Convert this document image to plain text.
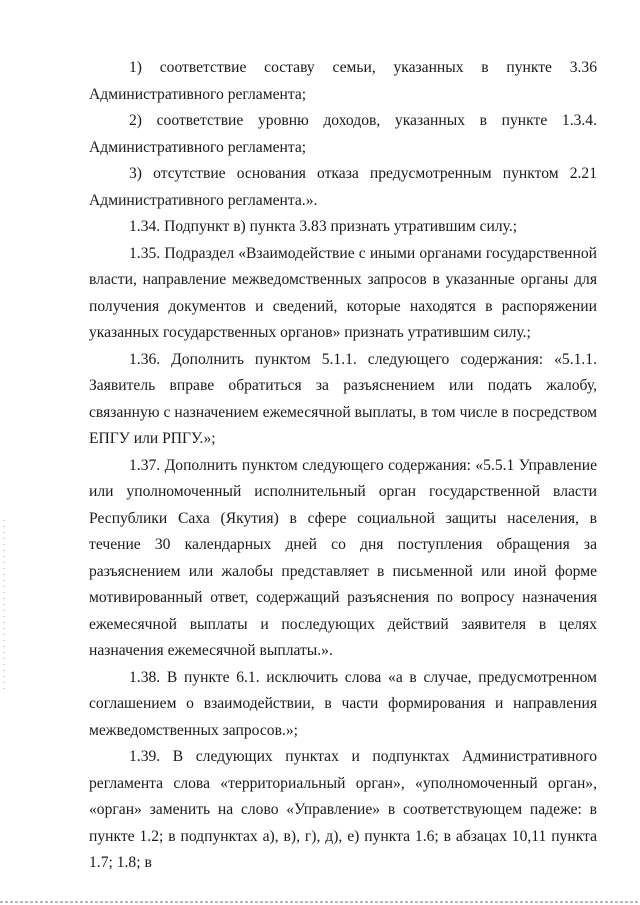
1) соответствие составу семьи, указанных в пункте 3.36 Административного регламента;

2) соответствие уровню доходов, указанных в пункте 1.3.4. Административного регламента;

3) отсутствие основания отказа предусмотренным пунктом 2.21 Административного регламента.».

1.34. Подпункт в) пункта 3.83 признать утратившим силу.;

1.35. Подраздел «Взаимодействие с иными органами государственной власти, направление межведомственных запросов в указанные органы для получения документов и сведений, которые находятся в распоряжении указанных государственных органов» признать утратившим силу.;

1.36. Дополнить пунктом 5.1.1. следующего содержания: «5.1.1. Заявитель вправе обратиться за разъяснением или подать жалобу, связанную с назначением ежемесячной выплаты, в том числе в посредством ЕПГУ или РПГУ.»;

1.37. Дополнить пунктом следующего содержания: «5.5.1 Управление или уполномоченный исполнительный орган государственной власти Республики Саха (Якутия) в сфере социальной защиты населения, в течение 30 календарных дней со дня поступления обращения за разъяснением или жалобы представляет в письменной или иной форме мотивированный ответ, содержащий разъяснения по вопросу назначения ежемесячной выплаты и последующих действий заявителя в целях назначения ежемесячной выплаты.».

1.38. В пункте 6.1. исключить слова «а в случае, предусмотренном соглашением о взаимодействии, в части формирования и направления межведомственных запросов.»;

1.39. В следующих пунктах и подпунктах Административного регламента слова «территориальный орган», «уполномоченный орган», «орган» заменить на слово «Управление» в соответствующем падеже: в пункте 1.2; в подпунктах а), в), г), д), е) пункта 1.6; в абзацах 10,11 пункта 1.7; 1.8; в
